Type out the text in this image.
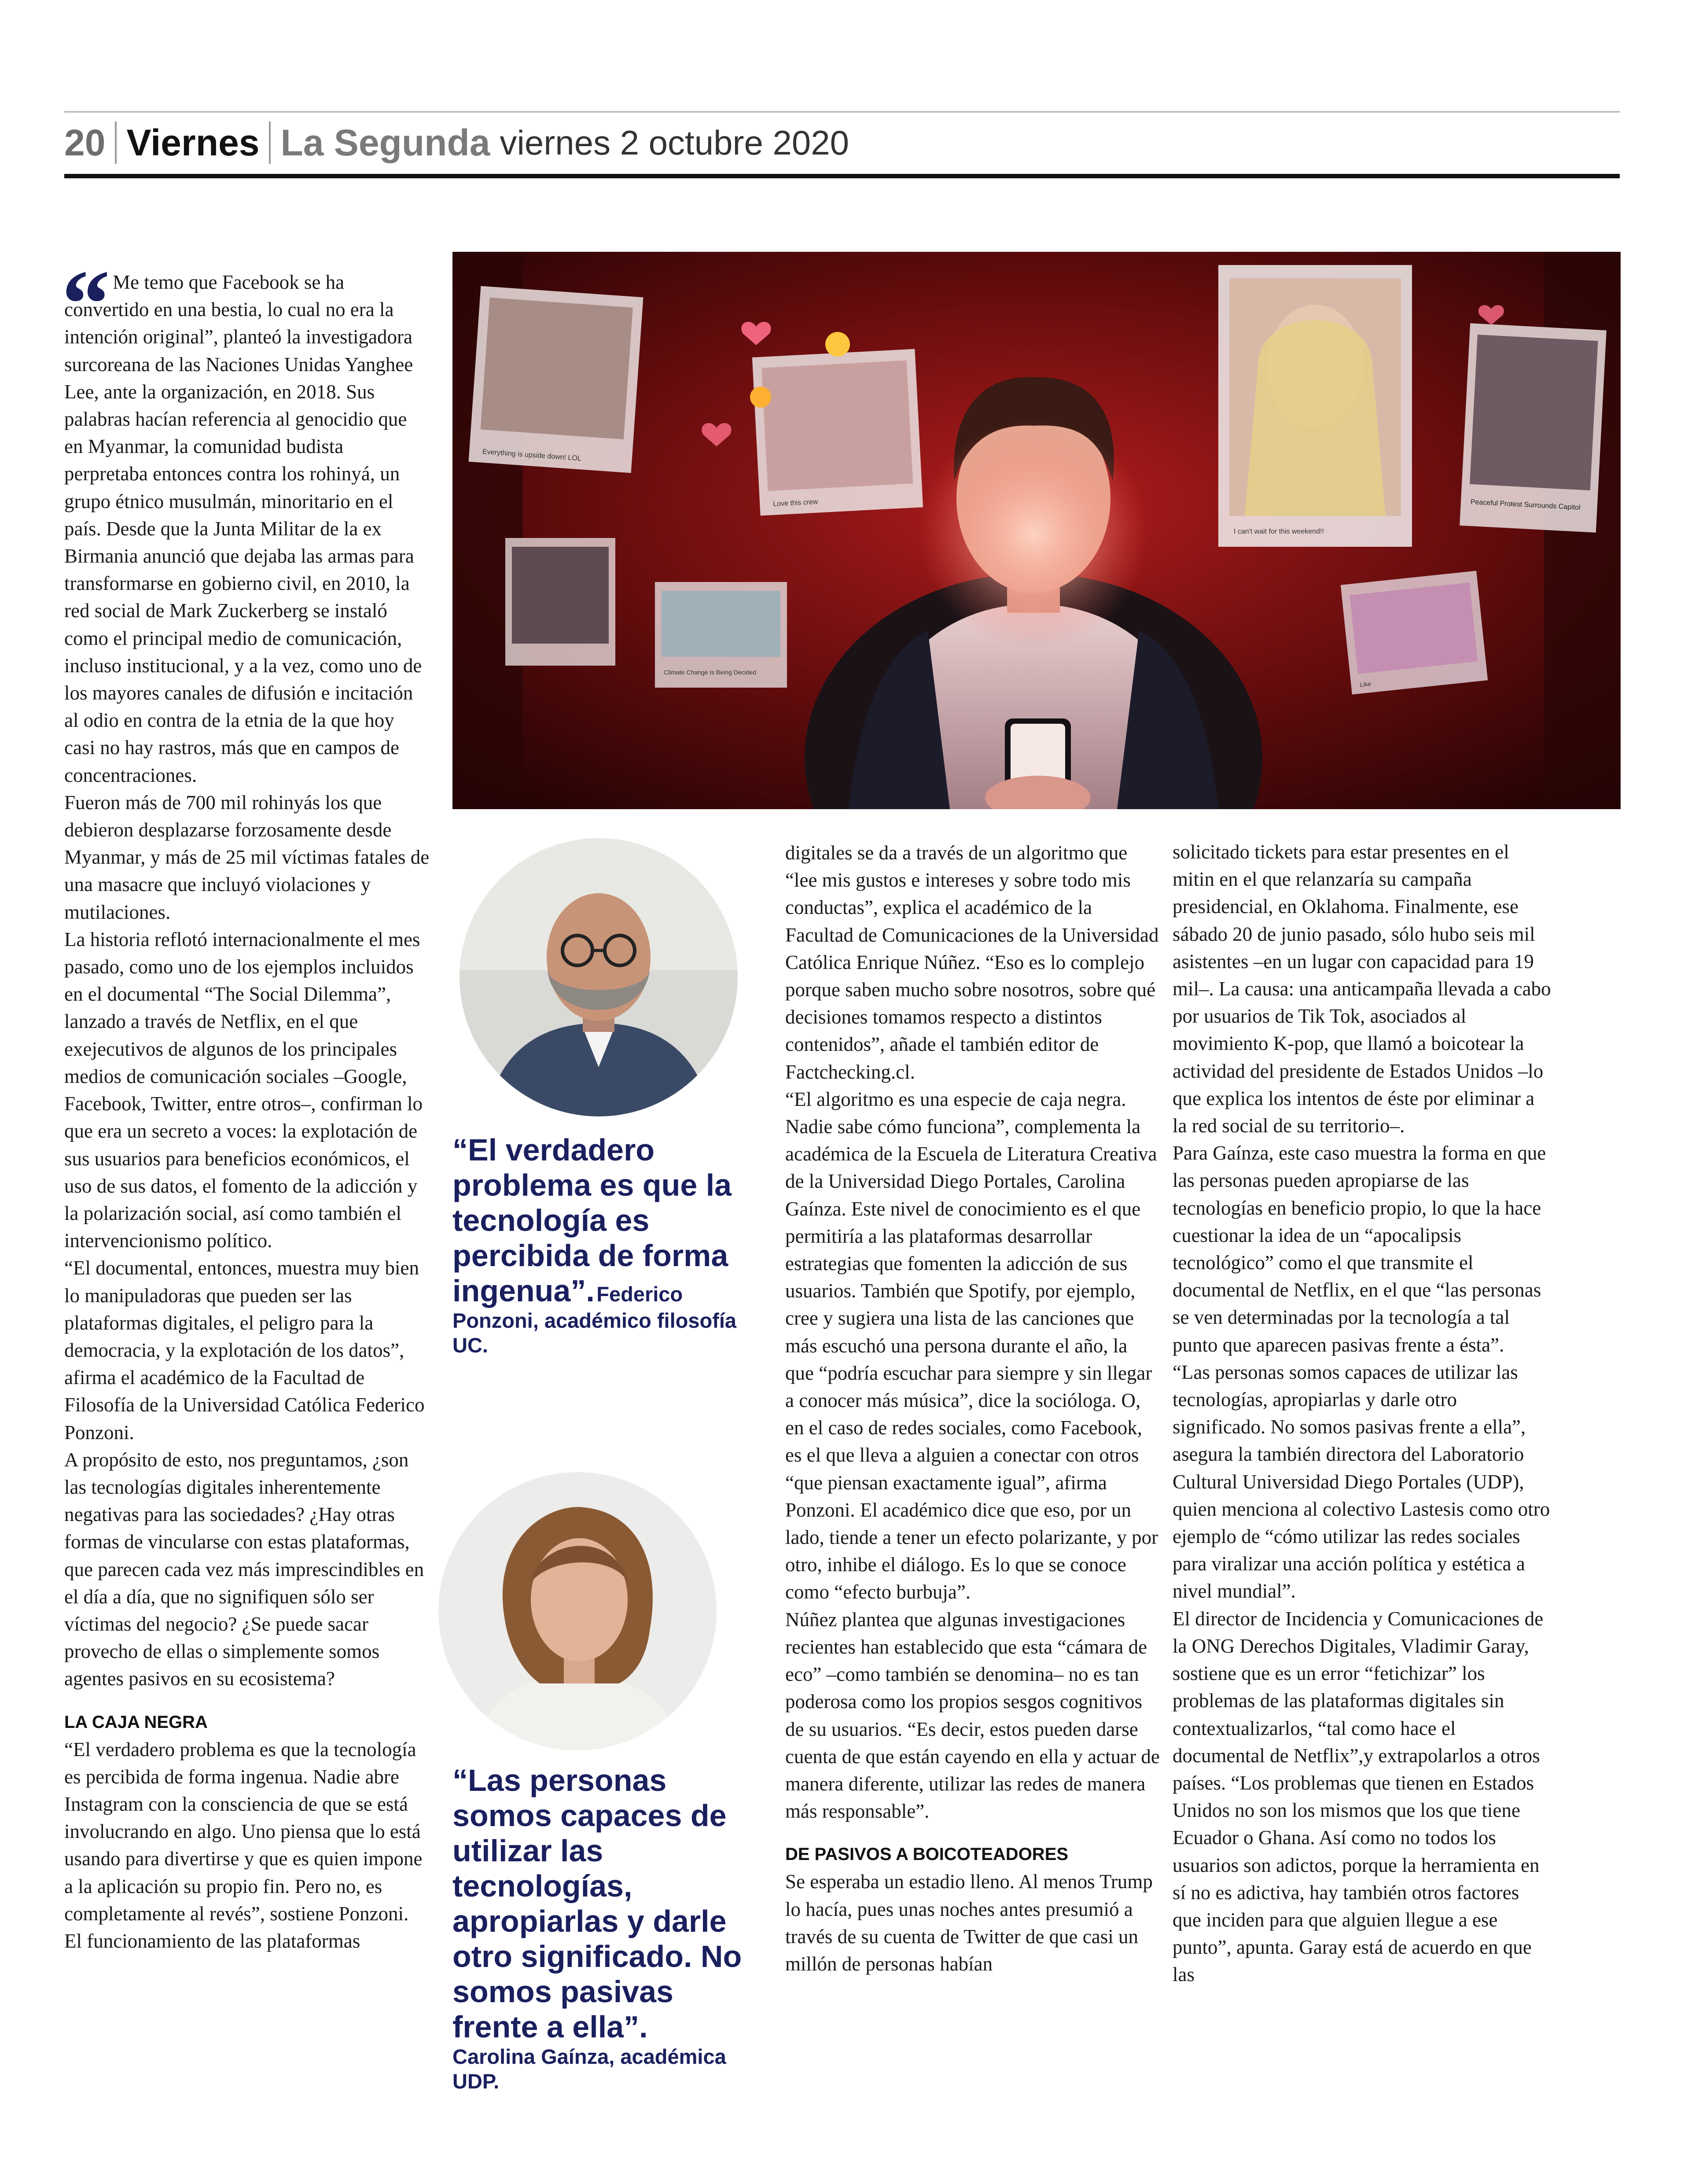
20 Viernes La Segunda viernes 2 octubre 2020
“ Me temo que Facebook se ha convertido en una bestia, lo cual no era la intención original”, planteó la investigadora surcoreana de las Naciones Unidas Yanghee Lee, ante la organización, en 2018. Sus palabras hacían referencia al genocidio que en Myanmar, la comunidad budista perpretaba entonces contra los rohinyá, un grupo étnico musulmán, minoritario en el país. Desde que la Junta Militar de la ex Birmania anunció que dejaba las armas para transformarse en gobierno civil, en 2010, la red social de Mark Zuckerberg se instaló como el principal medio de comunicación, incluso institucional, y a la vez, como uno de los mayores canales de difusión e incitación al odio en contra de la etnia de la que hoy casi no hay rastros, más que en campos de concentraciones.

Fueron más de 700 mil rohinyás los que debieron desplazarse forzosamente desde Myanmar, y más de 25 mil víctimas fatales de una masacre que incluyó violaciones y mutilaciones.

La historia reflotó internacionalmente el mes pasado, como uno de los ejemplos incluidos en el documental “The Social Dilemma”, lanzado a través de Netflix, en el que exejecutivos de algunos de los principales medios de comunicación sociales –Google, Facebook, Twitter, entre otros–, confirman lo que era un secreto a voces: la explotación de sus usuarios para beneficios económicos, el uso de sus datos, el fomento de la adicción y la polarización social, así como también el intervencionismo político.

“El documental, entonces, muestra muy bien lo manipuladoras que pueden ser las plataformas digitales, el peligro para la democracia, y la explotación de los datos”, afirma el académico de la Facultad de Filosofía de la Universidad Católica Federico Ponzoni.

A propósito de esto, nos preguntamos, ¿son las tecnologías digitales inherentemente negativas para las sociedades? ¿Hay otras formas de vincularse con estas plataformas, que parecen cada vez más imprescindibles en el día a día, que no signifiquen sólo ser víctimas del negocio? ¿Se puede sacar provecho de ellas o simplemente somos agentes pasivos en su ecosistema?

LA CAJA NEGRA

“El verdadero problema es que la tecnología es percibida de forma ingenua. Nadie abre Instagram con la consciencia de que se está involucrando en algo. Uno piensa que lo está usando para divertirse y que es quien impone a la aplicación su propio fin. Pero no, es completamente al revés”, sostiene Ponzoni.

El funcionamiento de las plataformas

Everything is upside down! LOL
Love this crew
I can't wait for this weekend!!
Peaceful Protest Surrounds Capitol
Climate Change Is Being Decided
Like
“El verdadero problema es que la tecnología es percibida de forma ingenua”. Federico Ponzoni, académico filosofía UC.
“Las personas somos capaces de utilizar las tecnologías, apropiarlas y darle otro significado. No somos pasivas frente a ella”.
Carolina Gaínza, académica UDP.

digitales se da a través de un algoritmo que “lee mis gustos e intereses y sobre todo mis conductas”, explica el académico de la Facultad de Comunicaciones de la Universidad Católica Enrique Núñez. “Eso es lo complejo porque saben mucho sobre nosotros, sobre qué decisiones tomamos respecto a distintos contenidos”, añade el también editor de Factchecking.cl.

“El algoritmo es una especie de caja negra. Nadie sabe cómo funciona”, complementa la académica de la Escuela de Literatura Creativa de la Universidad Diego Portales, Carolina Gaínza. Este nivel de conocimiento es el que permitiría a las plataformas desarrollar estrategias que fomenten la adicción de sus usuarios. También que Spotify, por ejemplo, cree y sugiera una lista de las canciones que más escuchó una persona durante el año, la que “podría escuchar para siempre y sin llegar a conocer más música”, dice la socióloga. O, en el caso de redes sociales, como Facebook, es el que lleva a alguien a conectar con otros “que piensan exactamente igual”, afirma Ponzoni. El académico dice que eso, por un lado, tiende a tener un efecto polarizante, y por otro, inhibe el diálogo. Es lo que se conoce como “efecto burbuja”.

Núñez plantea que algunas investigaciones recientes han establecido que esta “cámara de eco” –como también se denomina– no es tan poderosa como los propios sesgos cognitivos de su usuarios. “Es decir, estos pueden darse cuenta de que están cayendo en ella y actuar de manera diferente, utilizar las redes de manera más responsable”.

DE PASIVOS A BOICOTEADORES

Se esperaba un estadio lleno. Al menos Trump lo hacía, pues unas noches antes presumió a través de su cuenta de Twitter de que casi un millón de personas habían

solicitado tickets para estar presentes en el mitin en el que relanzaría su campaña presidencial, en Oklahoma. Finalmente, ese sábado 20 de junio pasado, sólo hubo seis mil asistentes –en un lugar con capacidad para 19 mil–. La causa: una anticampaña llevada a cabo por usuarios de Tik Tok, asociados al movimiento K-pop, que llamó a boicotear la actividad del presidente de Estados Unidos –lo que explica los intentos de éste por eliminar a la red social de su territorio–.

Para Gaínza, este caso muestra la forma en que las personas pueden apropiarse de las tecnologías en beneficio propio, lo que la hace cuestionar la idea de un “apocalipsis tecnológico” como el que transmite el documental de Netflix, en el que “las personas se ven determinadas por la tecnología a tal punto que aparecen pasivas frente a ésta”.

“Las personas somos capaces de utilizar las tecnologías, apropiarlas y darle otro significado. No somos pasivas frente a ella”, asegura la también directora del Laboratorio Cultural Universidad Diego Portales (UDP), quien menciona al colectivo Lastesis como otro ejemplo de “cómo utilizar las redes sociales para viralizar una acción política y estética a nivel mundial”.

El director de Incidencia y Comunicaciones de la ONG Derechos Digitales, Vladimir Garay, sostiene que es un error “fetichizar” los problemas de las plataformas digitales sin contextualizarlos, “tal como hace el documental de Netflix”,y extrapolarlos a otros países. “Los problemas que tienen en Estados Unidos no son los mismos que los que tiene Ecuador o Ghana. Así como no todos los usuarios son adictos, porque la herramienta en sí no es adictiva, hay también otros factores que inciden para que alguien llegue a ese punto”, apunta. Garay está de acuerdo en que las
